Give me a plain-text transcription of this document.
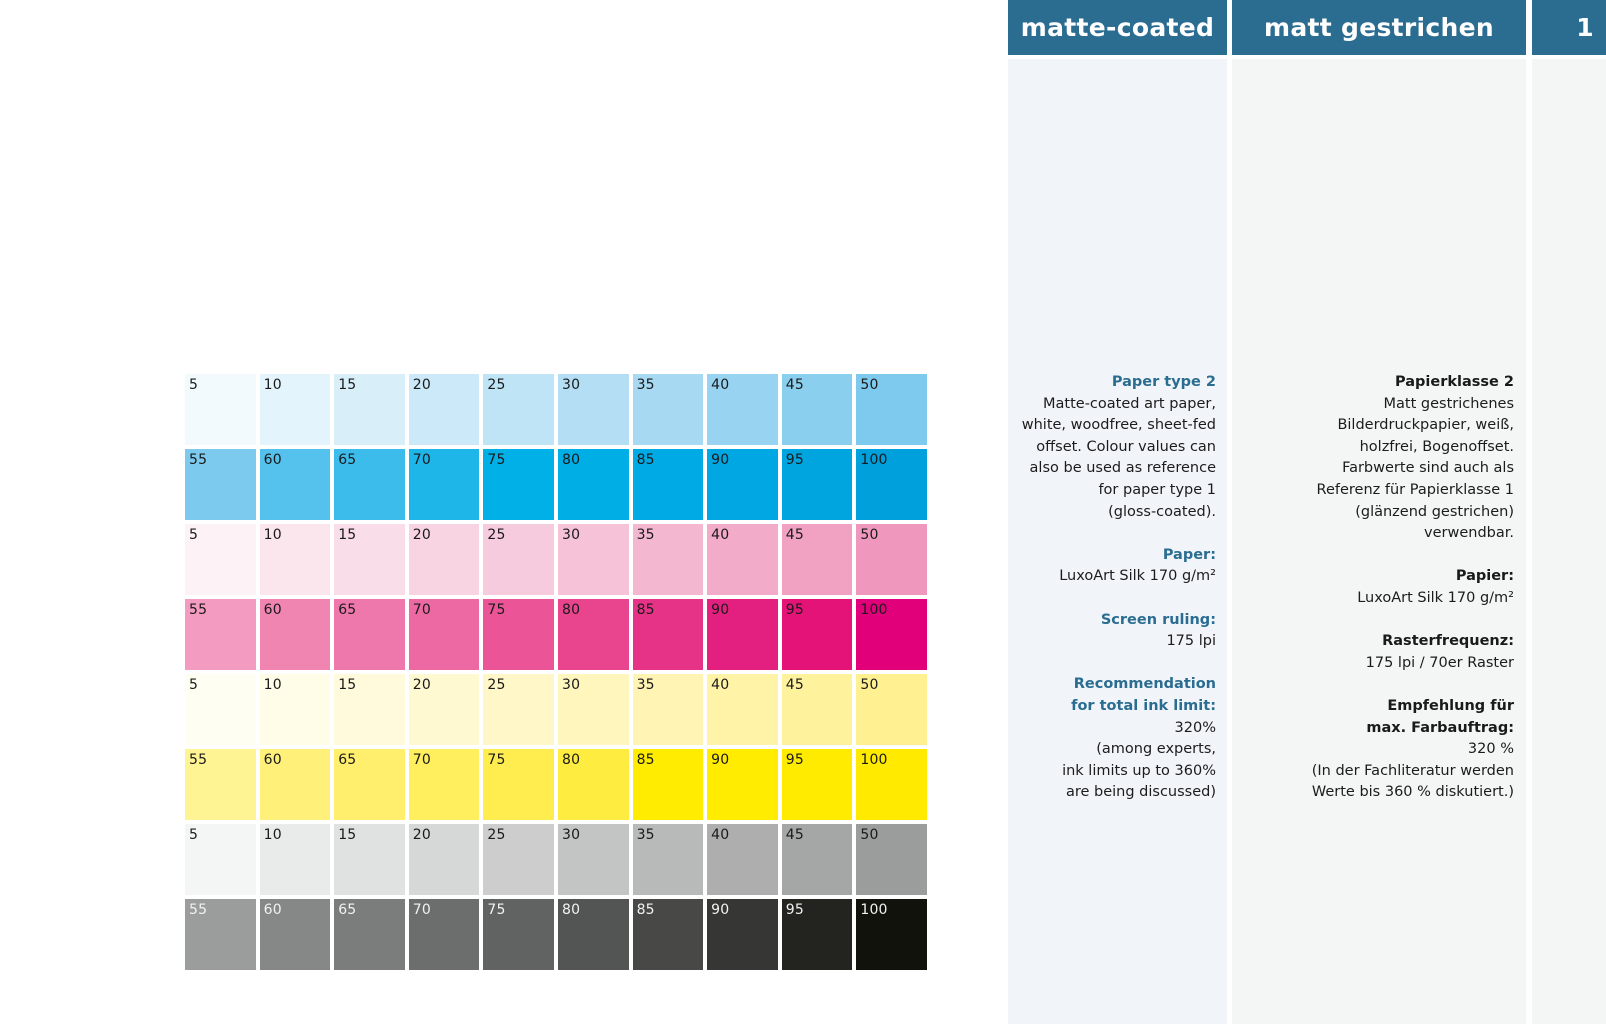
5	10	15	20	25	30	35	40	45	50
55	60	65	70	75	80	85	90	95	100
5	10	15	20	25	30	35	40	45	50
55	60	65	70	75	80	85	90	95	100
5	10	15	20	25	30	35	40	45	50
55	60	65	70	75	80	85	90	95	100
5	10	15	20	25	30	35	40	45	50
55	60	65	70	75	80	85	90	95	100
matte-coated
Paper type 2
Matte-coated art paper,
white, woodfree, sheet-fed
offset. Colour values can
also be used as reference
for paper type 1
(gloss-coated).
Paper:
LuxoArt Silk 170 g/m²
Screen ruling:
175 lpi
Recommendation
for total ink limit:
320%
(among experts,
ink limits up to 360%
are being discussed)
matt gestrichen
Papierklasse 2
Matt gestrichenes
Bilderdruckpapier, weiß,
holzfrei, Bogenoffset.
Farbwerte sind auch als
Referenz für Papierklasse 1
(glänzend gestrichen)
verwendbar.
Papier:
LuxoArt Silk 170 g/m²
Rasterfrequenz:
175 lpi / 70er Raster
Empfehlung für
max. Farbauftrag:
320 %
(In der Fachliteratur werden
Werte bis 360 % diskutiert.)
1
